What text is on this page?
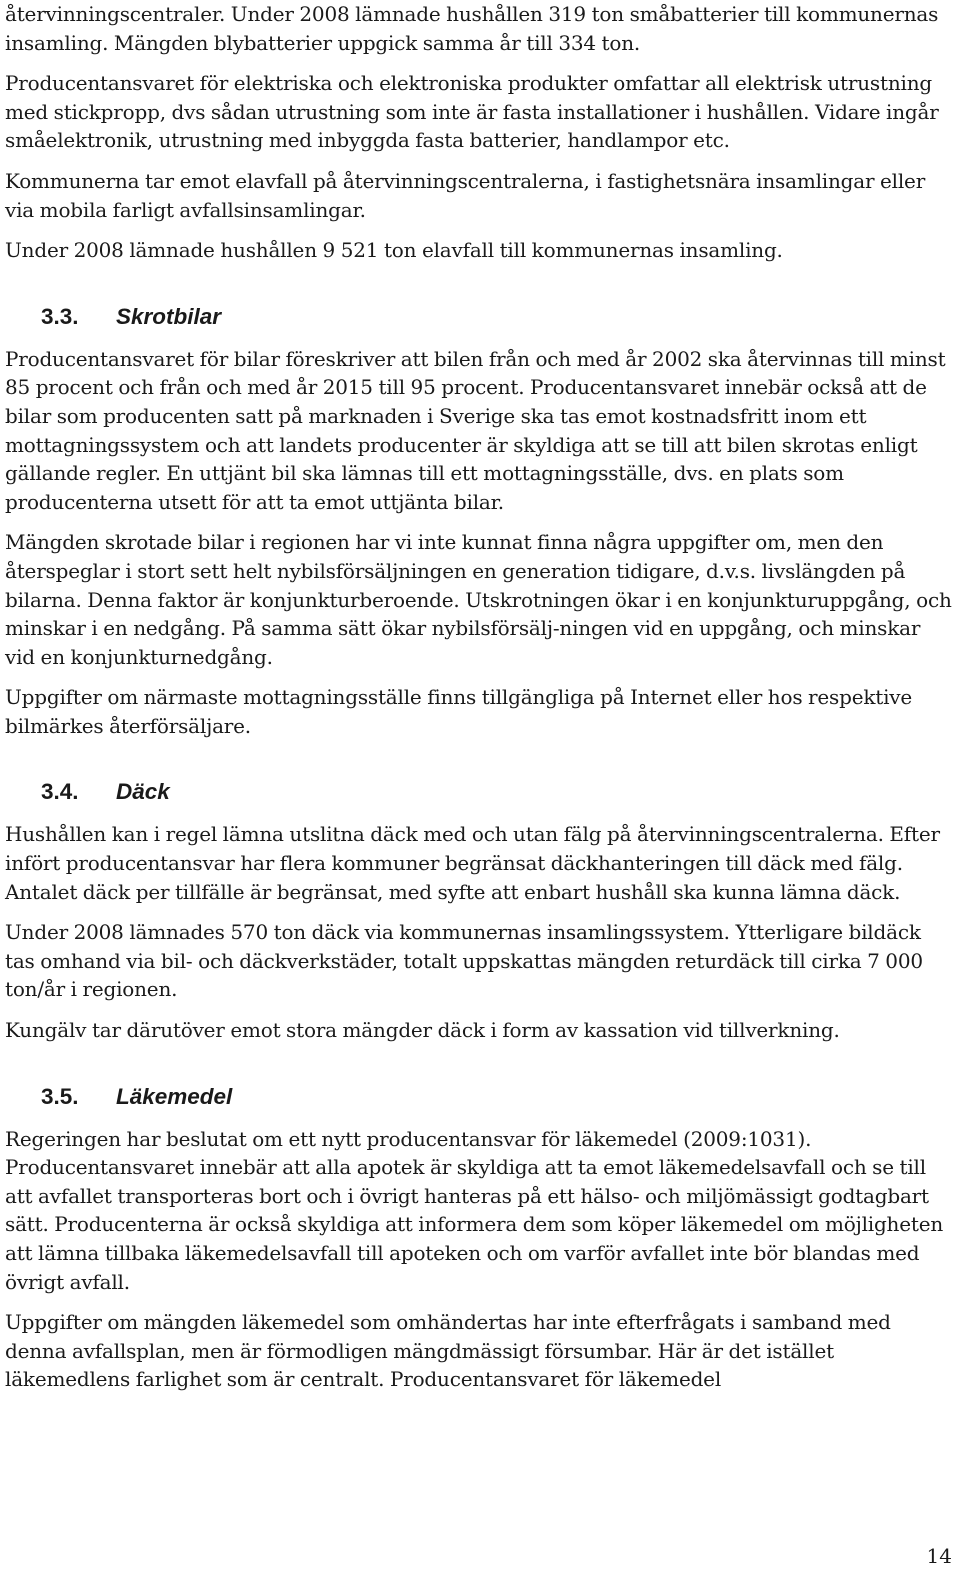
återvinningscentraler. Under 2008 lämnade hushållen 319 ton småbatterier till kommunernas insamling. Mängden blybatterier uppgick samma år till 334 ton.

Producentansvaret för elektriska och elektroniska produkter omfattar all elektrisk utrustning med stickpropp, dvs sådan utrustning som inte är fasta installationer i hushållen. Vidare ingår småelektronik, utrustning med inbyggda fasta batterier, handlampor etc.

Kommunerna tar emot elavfall på återvinningscentralerna, i fastighetsnära insamlingar eller via mobila farligt avfallsinsamlingar.

Under 2008 lämnade hushållen 9 521 ton elavfall till kommunernas insamling.

3.3.	Skrotbilar

Producentansvaret för bilar föreskriver att bilen från och med år 2002 ska återvinnas till minst 85 procent och från och med år 2015 till 95 procent. Producentansvaret innebär också att de bilar som producenten satt på marknaden i Sverige ska tas emot kostnadsfritt inom ett mottagningssystem och att landets producenter är skyldiga att se till att bilen skrotas enligt gällande regler. En uttjänt bil ska lämnas till ett mottagningsställe, dvs. en plats som producenterna utsett för att ta emot uttjänta bilar.

Mängden skrotade bilar i regionen har vi inte kunnat finna några uppgifter om, men den återspeglar i stort sett helt nybilsförsäljningen en generation tidigare, d.v.s. livslängden på bilarna. Denna faktor är konjunkturberoende. Utskrotningen ökar i en konjunkturuppgång, och minskar i en nedgång. På samma sätt ökar nybilsförsälj-ningen vid en uppgång, och minskar vid en konjunkturnedgång.

Uppgifter om närmaste mottagningsställe finns tillgängliga på Internet eller hos respektive bilmärkes återförsäljare.

3.4.	Däck

Hushållen kan i regel lämna utslitna däck med och utan fälg på återvinningscentralerna. Efter infört producentansvar har flera kommuner begränsat däckhanteringen till däck med fälg. Antalet däck per tillfälle är begränsat, med syfte att enbart hushåll ska kunna lämna däck.

Under 2008 lämnades 570 ton däck via kommunernas insamlingssystem. Ytterligare bildäck tas omhand via bil- och däckverkstäder, totalt uppskattas mängden returdäck till cirka 7 000 ton/år i regionen.

Kungälv tar därutöver emot stora mängder däck i form av kassation vid tillverkning.

3.5.	Läkemedel

Regeringen har beslutat om ett nytt producentansvar för läkemedel (2009:1031). Producentansvaret innebär att alla apotek är skyldiga att ta emot läkemedelsavfall och se till att avfallet transporteras bort och i övrigt hanteras på ett hälso- och miljömässigt godtagbart sätt. Producenterna är också skyldiga att informera dem som köper läkemedel om möjligheten att lämna tillbaka läkemedelsavfall till apoteken och om varför avfallet inte bör blandas med övrigt avfall.

Uppgifter om mängden läkemedel som omhändertas har inte efterfrågats i samband med denna avfallsplan, men är förmodligen mängdmässigt försumbar. Här är det istället läkemedlens farlighet som är centralt. Producentansvaret för läkemedel

14
